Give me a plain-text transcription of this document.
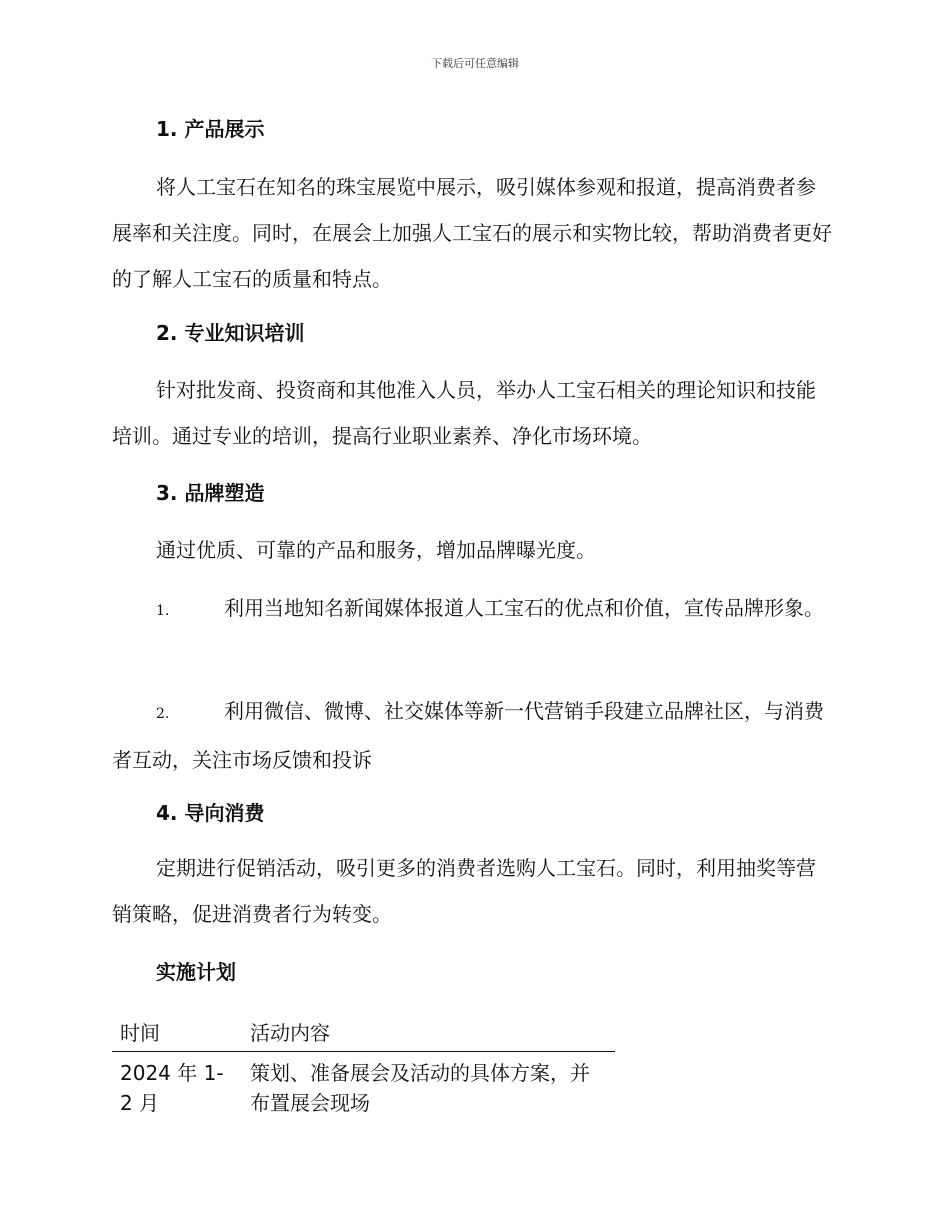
下载后可任意编辑
1. 产品展示

将人工宝石在知名的珠宝展览中展示，吸引媒体参观和报道，提高消费者参展率和关注度。同时，在展会上加强人工宝石的展示和实物比较，帮助消费者更好的了解人工宝石的质量和特点。

2. 专业知识培训

针对批发商、投资商和其他准入人员，举办人工宝石相关的理论知识和技能培训。通过专业的培训，提高行业职业素养、净化市场环境。

3. 品牌塑造

通过优质、可靠的产品和服务，增加品牌曝光度。

1.	利用当地知名新闻媒体报道人工宝石的优点和价值，宣传品牌形象。

2.	利用微信、微博、社交媒体等新一代营销手段建立品牌社区，与消费者互动，关注市场反馈和投诉

4. 导向消费

定期进行促销活动，吸引更多的消费者选购人工宝石。同时，利用抽奖等营销策略，促进消费者行为转变。

实施计划
时间	活动内容
2024 年 1-2 月	策划、准备展会及活动的具体方案，并布置展会现场
